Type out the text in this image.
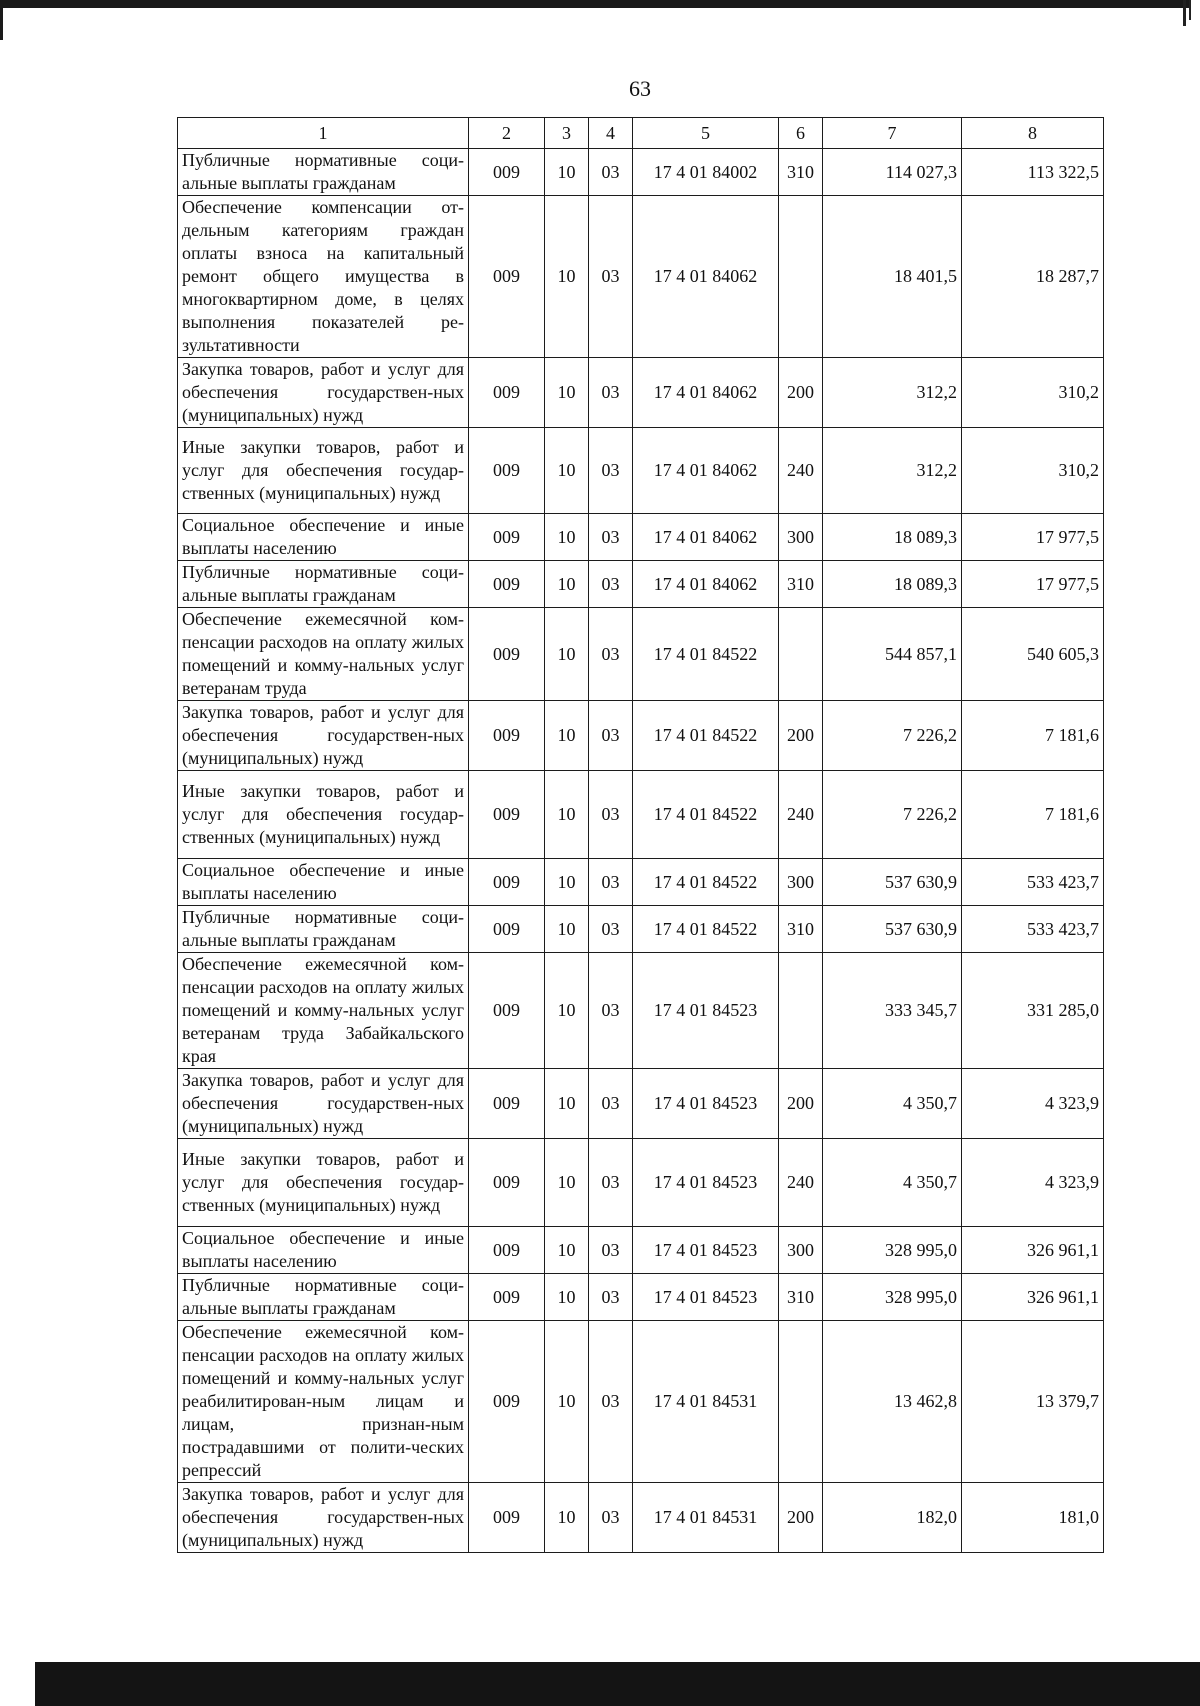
63
1	2	3	4	5	6	7	8
Публичные нормативные соци-альные выплаты гражданам	009	10	03	17 4 01 84002	310	114 027,3	113 322,5
Обеспечение компенсации от-дельным категориям граждан оплаты взноса на капитальный ремонт общего имущества в многоквартирном доме, в целях выполнения показателей ре-зультативности	009	10	03	17 4 01 84062		18 401,5	18 287,7
Закупка товаров, работ и услуг для обеспечения государствен-ных (муниципальных) нужд	009	10	03	17 4 01 84062	200	312,2	310,2
Иные закупки товаров, работ и услуг для обеспечения государ-ственных (муниципальных) нужд	009	10	03	17 4 01 84062	240	312,2	310,2
Социальное обеспечение и иные выплаты населению	009	10	03	17 4 01 84062	300	18 089,3	17 977,5
Публичные нормативные соци-альные выплаты гражданам	009	10	03	17 4 01 84062	310	18 089,3	17 977,5
Обеспечение ежемесячной ком-пенсации расходов на оплату жилых помещений и комму-нальных услуг ветеранам труда	009	10	03	17 4 01 84522		544 857,1	540 605,3
Закупка товаров, работ и услуг для обеспечения государствен-ных (муниципальных) нужд	009	10	03	17 4 01 84522	200	7 226,2	7 181,6
Иные закупки товаров, работ и услуг для обеспечения государ-ственных (муниципальных) нужд	009	10	03	17 4 01 84522	240	7 226,2	7 181,6
Социальное обеспечение и иные выплаты населению	009	10	03	17 4 01 84522	300	537 630,9	533 423,7
Публичные нормативные соци-альные выплаты гражданам	009	10	03	17 4 01 84522	310	537 630,9	533 423,7
Обеспечение ежемесячной ком-пенсации расходов на оплату жилых помещений и комму-нальных услуг ветеранам труда Забайкальского края	009	10	03	17 4 01 84523		333 345,7	331 285,0
Закупка товаров, работ и услуг для обеспечения государствен-ных (муниципальных) нужд	009	10	03	17 4 01 84523	200	4 350,7	4 323,9
Иные закупки товаров, работ и услуг для обеспечения государ-ственных (муниципальных) нужд	009	10	03	17 4 01 84523	240	4 350,7	4 323,9
Социальное обеспечение и иные выплаты населению	009	10	03	17 4 01 84523	300	328 995,0	326 961,1
Публичные нормативные соци-альные выплаты гражданам	009	10	03	17 4 01 84523	310	328 995,0	326 961,1
Обеспечение ежемесячной ком-пенсации расходов на оплату жилых помещений и комму-нальных услуг реабилитирован-ным лицам и лицам, признан-ным пострадавшими от полити-ческих репрессий	009	10	03	17 4 01 84531		13 462,8	13 379,7
Закупка товаров, работ и услуг для обеспечения государствен-ных (муниципальных) нужд	009	10	03	17 4 01 84531	200	182,0	181,0
